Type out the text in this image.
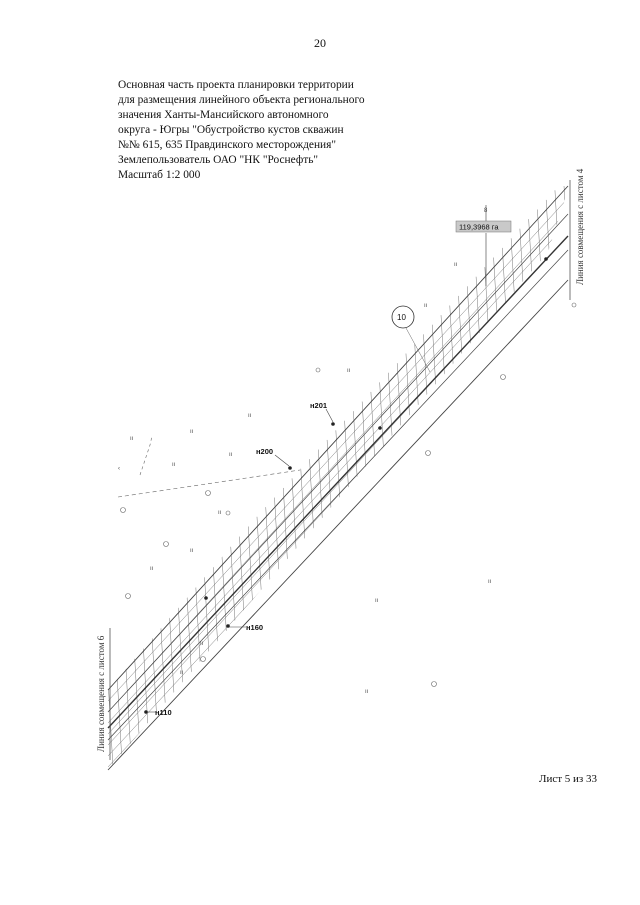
20
Основная часть проекта планировки территории
для размещения линейного объекта регионального
значения Ханты-Мансийского автономного
округа - Югры "Обустройство кустов скважин
№№ 615, 635 Правдинского месторождения"
Землепользователь ОАО "НК "Роснефть"
Масштаб 1:2 000	Линия совмещения с листом 4
Линия совмещения с листом 6
8
119,3968 га
10
н201
н200
н160
н110
ıı
ıı
ıı
ıı
ıı
ıı
ıı
ıı
‹
ıı
ıı
ıı
ıı
ıı
ıı
ıı
ıı
Лист 5 из 33
